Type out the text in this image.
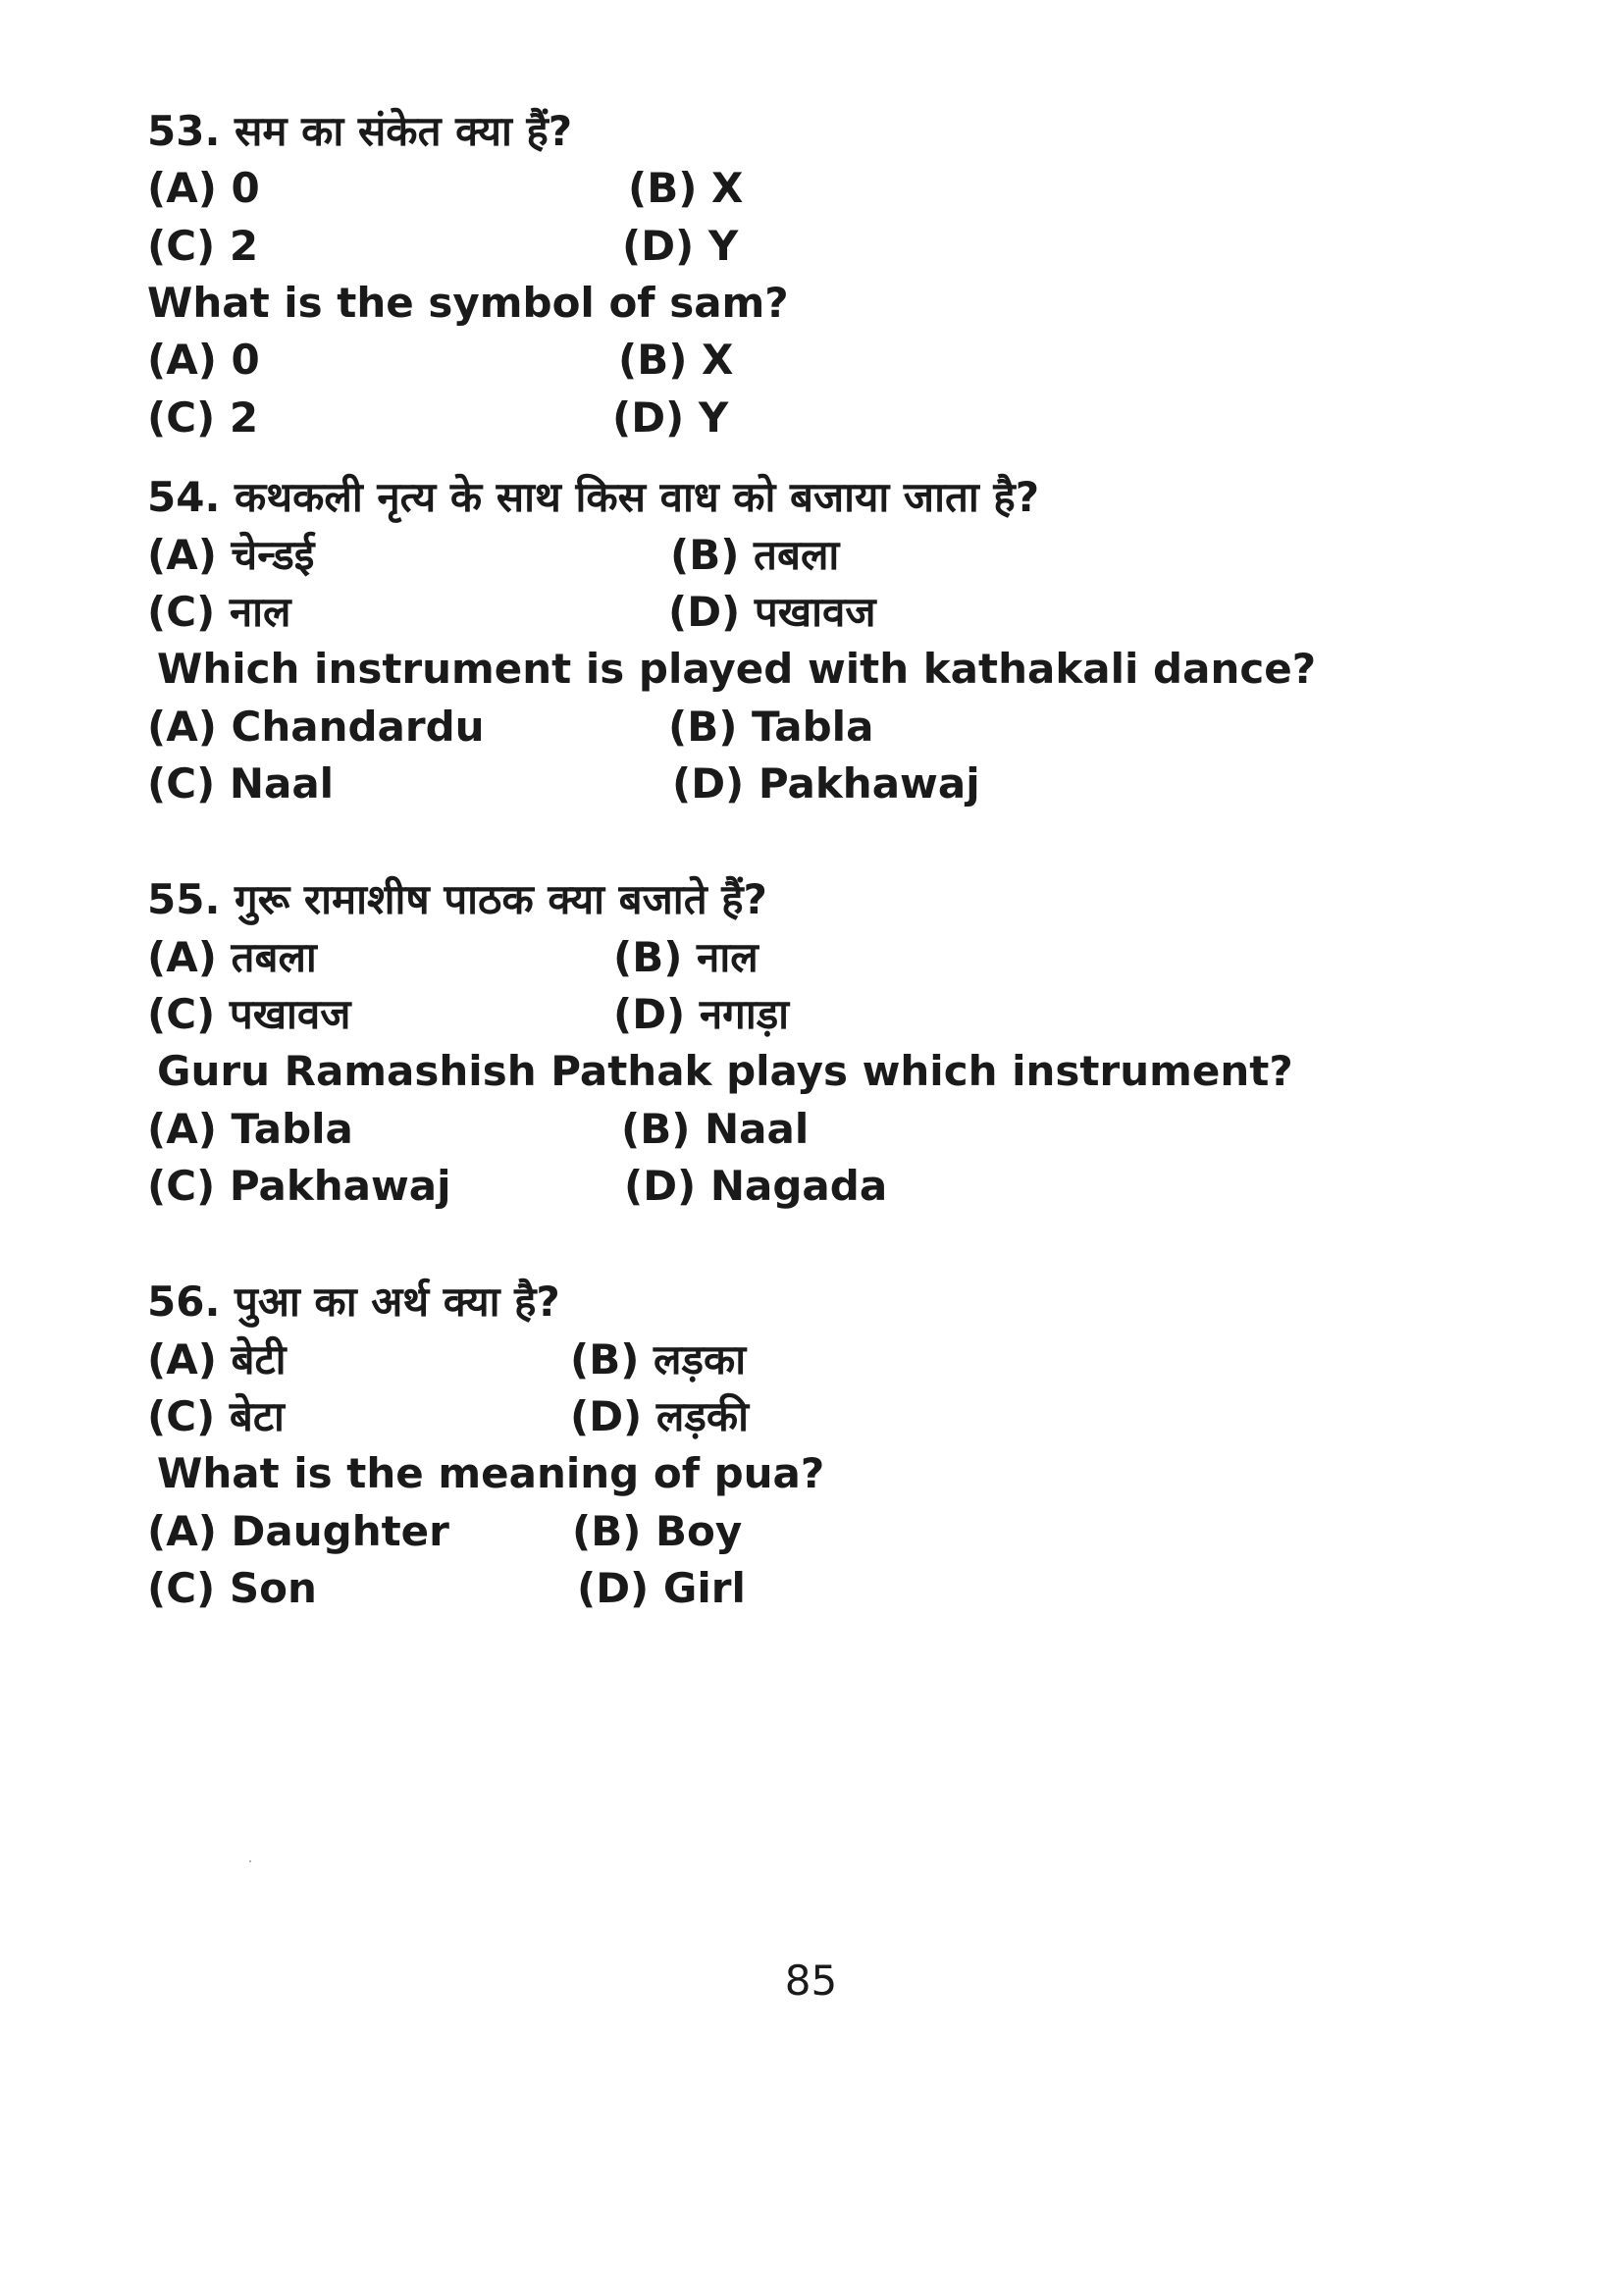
53. सम का संकेत क्या हैं?
(A) 0	(B) X
(C) 2	(D) Y
What is the symbol of sam?
(A) 0	(B) X
(C) 2	(D) Y
54. कथकली नृत्य के साथ किस वाध को बजाया जाता है?
(A) चेन्डई	(B) तबला
(C) नाल	(D) पखावज
Which instrument is played with kathakali dance?
(A) Chandardu	(B) Tabla
(C) Naal	(D) Pakhawaj
55. गुरू रामाशीष पाठक क्या बजाते हैं?
(A) तबला	(B) नाल
(C) पखावज	(D) नगाड़ा
Guru Ramashish Pathak plays which instrument?
(A) Tabla	(B) Naal
(C) Pakhawaj	(D) Nagada
56. पुआ का अर्थ क्या है?
(A) बेटी	(B) लड़का
(C) बेटा	(D) लड़की
What is the meaning of pua?
(A) Daughter	(B) Boy
(C) Son	(D) Girl
85
